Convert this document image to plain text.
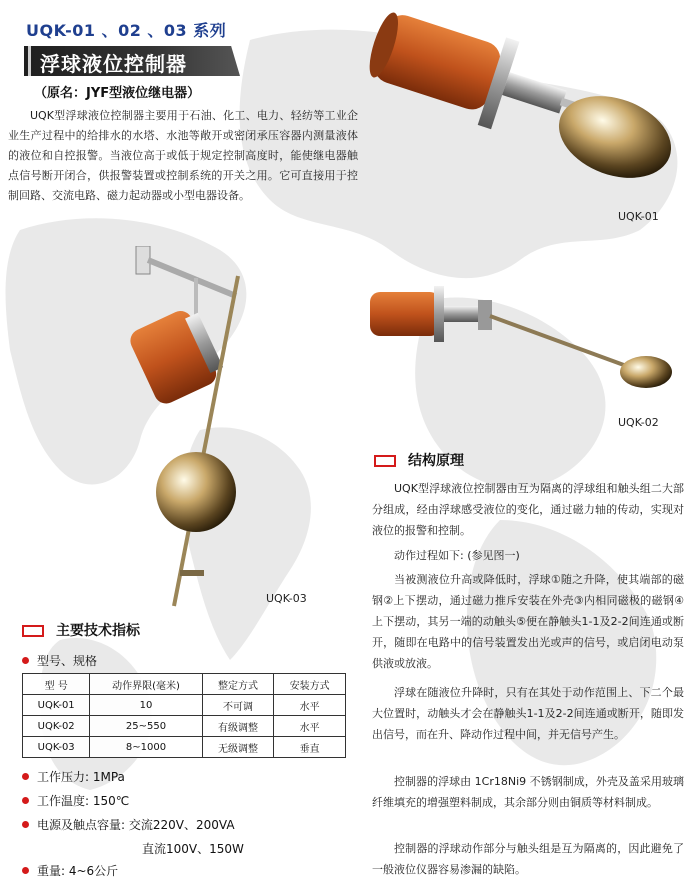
UQK-01 、02 、03 系列
浮球液位控制器
（原名：JYF型液位继电器）

UQK型浮球液位控制器主要用于石油、化工、电力、轻纺等工业企业生产过程中的给排水的水塔、水池等敞开或密闭承压容器内测量液体的液位和自控报警。当液位高于或低于规定控制高度时，能使继电器触点信号断开闭合，供报警装置或控制系统的开关之用。它可直接用于控制回路、交流电路、磁力起动器或小型电器设备。

UQK-01
UQK-02
UQK-03
主要技术指标
型号、规格
型 号	动作界限(毫米)	整定方式	安装方式
UQK-01	10	不可调	水平
UQK-02	25~550	有级调整	水平
UQK-03	8~1000	无级调整	垂直
工作压力: 1MPa
工作温度: 150℃
电源及触点容量: 交流220V、200VA
直流100V、150W
重量: 4~6公斤
结构原理

UQK型浮球液位控制器由互为隔离的浮球组和触头组二大部分组成，经由浮球感受液位的变化，通过磁力轴的传动，实现对液位的报警和控制。

动作过程如下: (参见图一)

当被测液位升高或降低时，浮球①随之升降，使其端部的磁钢②上下摆动，通过磁力推斥安装在外壳③内相同磁极的磁钢④上下摆动，其另一端的动触头⑤便在静触头1-1及2-2间连通或断开，随即在电路中的信号装置发出光或声的信号，或启闭电动泵供液或放液。

浮球在随液位升降时，只有在其处于动作范围上、下二个最大位置时，动触头才会在静触头1-1及2-2间连通或断开，随即发出信号，而在升、降动作过程中间，并无信号产生。

控制器的浮球由 1Cr18Ni9 不锈钢制成，外壳及盖采用玻璃纤维填充的增强塑料制成，其余部分则由铜质等材料制成。

控制器的浮球动作部分与触头组是互为隔离的，因此避免了一般液位仪器容易渗漏的缺陷。
